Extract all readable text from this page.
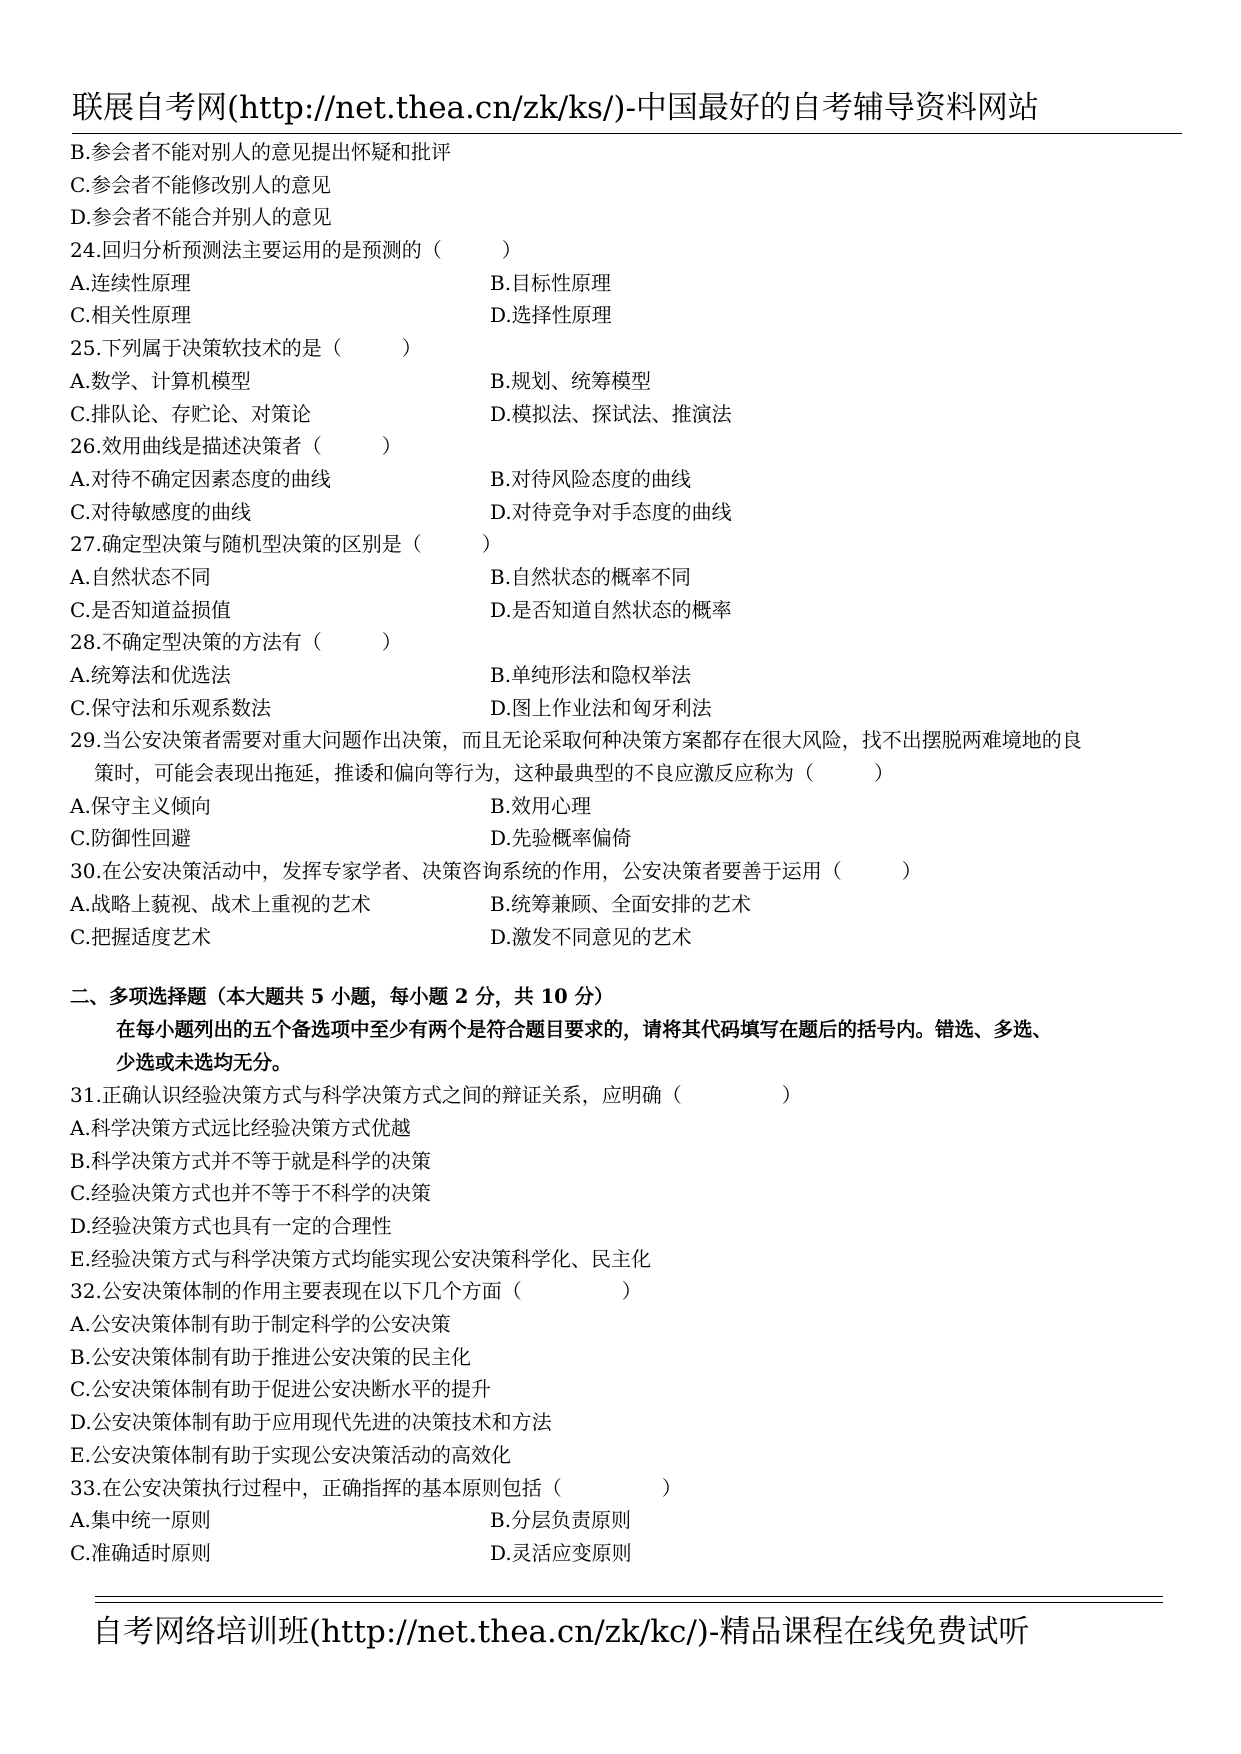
联展自考网(http://net.thea.cn/zk/ks/)-中国最好的自考辅导资料网站
B.参会者不能对别人的意见提出怀疑和批评
C.参会者不能修改别人的意见
D.参会者不能合并别人的意见
24.回归分析预测法主要运用的是预测的（　　　）
A.连续性原理	B.目标性原理
C.相关性原理	D.选择性原理
25.下列属于决策软技术的是（　　　）
A.数学、计算机模型	B.规划、统筹模型
C.排队论、存贮论、对策论	D.模拟法、探试法、推演法
26.效用曲线是描述决策者（　　　）
A.对待不确定因素态度的曲线	B.对待风险态度的曲线
C.对待敏感度的曲线	D.对待竞争对手态度的曲线
27.确定型决策与随机型决策的区别是（　　　）
A.自然状态不同	B.自然状态的概率不同
C.是否知道益损值	D.是否知道自然状态的概率
28.不确定型决策的方法有（　　　）
A.统筹法和优选法	B.单纯形法和隐权举法
C.保守法和乐观系数法	D.图上作业法和匈牙利法
29.当公安决策者需要对重大问题作出决策，而且无论采取何种决策方案都存在很大风险，找不出摆脱两难境地的良
策时，可能会表现出拖延，推诿和偏向等行为，这种最典型的不良应激反应称为（　　　）
A.保守主义倾向	B.效用心理
C.防御性回避	D.先验概率偏倚
30.在公安决策活动中，发挥专家学者、决策咨询系统的作用，公安决策者要善于运用（　　　）
A.战略上藐视、战术上重视的艺术	B.统筹兼顾、全面安排的艺术
C.把握适度艺术	D.激发不同意见的艺术
二、多项选择题（本大题共 5 小题，每小题 2 分，共 10 分）
在每小题列出的五个备选项中至少有两个是符合题目要求的，请将其代码填写在题后的括号内。错选、多选、
少选或未选均无分。
31.正确认识经验决策方式与科学决策方式之间的辩证关系，应明确（　　　　　）
A.科学决策方式远比经验决策方式优越
B.科学决策方式并不等于就是科学的决策
C.经验决策方式也并不等于不科学的决策
D.经验决策方式也具有一定的合理性
E.经验决策方式与科学决策方式均能实现公安决策科学化、民主化
32.公安决策体制的作用主要表现在以下几个方面（　　　　　）
A.公安决策体制有助于制定科学的公安决策
B.公安决策体制有助于推进公安决策的民主化
C.公安决策体制有助于促进公安决断水平的提升
D.公安决策体制有助于应用现代先进的决策技术和方法
E.公安决策体制有助于实现公安决策活动的高效化
33.在公安决策执行过程中，正确指挥的基本原则包括（　　　　　）
A.集中统一原则	B.分层负责原则
C.准确适时原则	D.灵活应变原则
自考网络培训班(http://net.thea.cn/zk/kc/)-精品课程在线免费试听
